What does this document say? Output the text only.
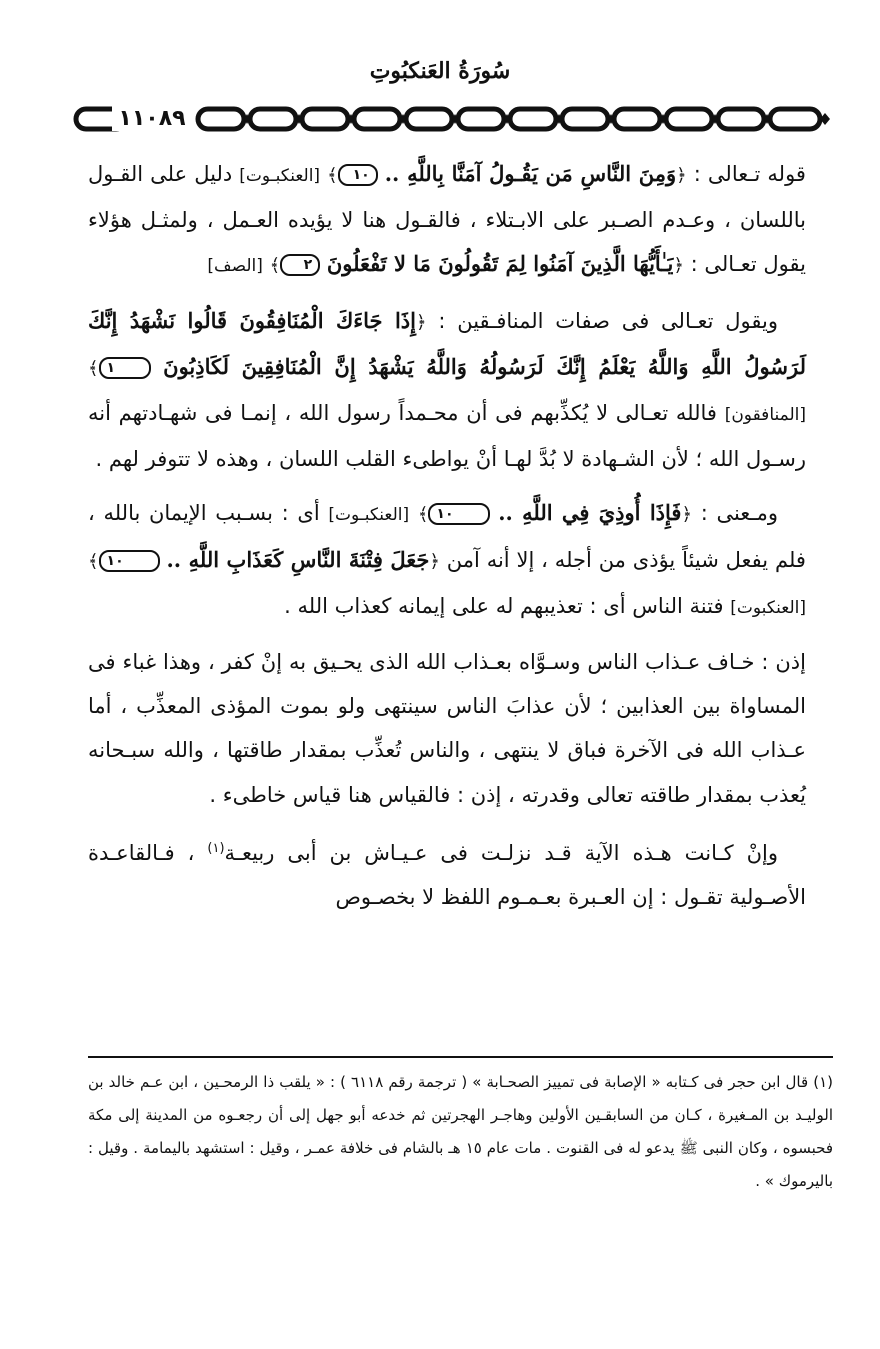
سُورَةُ العَنكبُوتِ
١١٠٨٩

قوله تـعالى : ﴿وَمِنَ النَّاسِ مَن يَقُـولُ آمَنَّا بِاللَّهِ .. ١٠﴾ [العنكبـوت] دليل على القـول باللسان ، وعـدم الصـبر على الابـتلاء ، فالقـول هنا لا يؤيده العـمل ، ولمثـل هؤلاء يقول تعـالى : ﴿يَـٰأَيُّهَا الَّذِينَ آمَنُوا لِمَ تَقُولُونَ مَا لا تَفْعَلُونَ ٢﴾ [الصف]

ويقول تعـالى فى صفات المنافـقين : ﴿إِذَا جَاءَكَ الْمُنَافِقُونَ قَالُوا نَشْهَدُ إِنَّكَ لَرَسُولُ اللَّهِ وَاللَّهُ يَعْلَمُ إِنَّكَ لَرَسُولُهُ وَاللَّهُ يَشْهَدُ إِنَّ الْمُنَافِقِينَ لَكَاذِبُونَ ١﴾ [المنافقون] فالله تعـالى لا يُكذِّبهم فى أن محـمداً رسول الله ، إنمـا فى شهـادتهم أنه رسـول الله ؛ لأن الشـهادة لا بُدَّ لهـا أنْ يواطىء القلب اللسان ، وهذه لا تتوفر لهم .

ومـعنى : ﴿فَإِذَا أُوذِيَ فِي اللَّهِ .. ١٠﴾ [العنكبـوت] أى : بسـبب الإيمان بالله ، فلم يفعل شيئاً يؤذى من أجله ، إلا أنه آمن ﴿جَعَلَ فِتْنَةَ النَّاسِ كَعَذَابِ اللَّهِ .. ١٠﴾ [العنكبوت] فتنة الناس أى : تعذيبهم له على إيمانه كعذاب الله .

إذن : خـاف عـذاب الناس وسـوَّاه بعـذاب الله الذى يحـيق به إنْ كفر ، وهذا غباء فى المساواة بين العذابين ؛ لأن عذابَ الناس سينتهى ولو بموت المؤذى المعذِّب ، أما عـذاب الله فى الآخرة فباق لا ينتهى ، والناس تُعذِّب بمقدار طاقتها ، والله سبـحانه يُعذب بمقدار طاقته تعالى وقدرته ، إذن : فالقياس هنا قياس خاطىء .

وإنْ كـانت هـذه الآية قـد نزلـت فى عـيـاش بن أبى ربيعـة$^{(١)}$ ، فـالقاعـدة الأصـولية تقـول : إن العـبرة بعـمـوم اللفظ لا بخصـوص

(١) قال ابن حجر فى كـتابه « الإصابة فى تمييز الصحـابة » ( ترجمة رقم ٦١١٨ ) : « يلقب ذا الرمحـين ، ابن عـم خالد بن الوليـد بن المـغيرة ، كـان من السابقـين الأولين وهاجـر الهجرتين ثم خدعه أبو جهل إلى أن رجعـوه من المدينة إلى مكة فحبسوه ، وكان النبى ﷺ يدعو له فى القنوت . مات عام ١٥ هـ بالشام فى خلافة عمـر ، وقيل : استشهد باليمامة . وقيل : باليرموك » .
